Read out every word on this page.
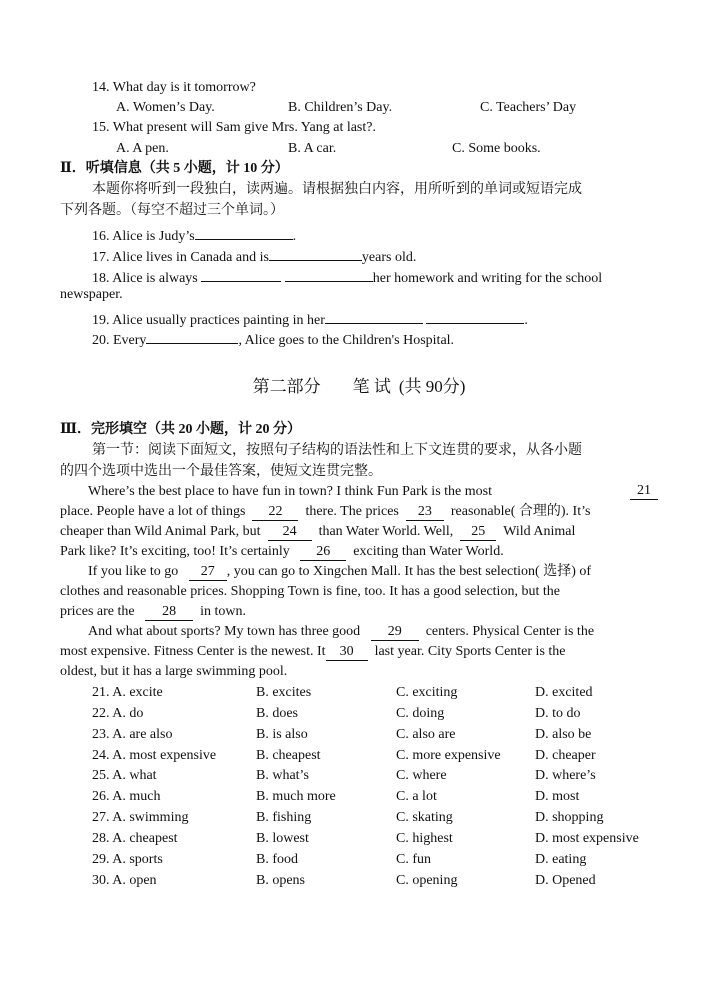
14. What day is it tomorrow?
A. Women’s Day.	B. Children’s Day.	C. Teachers’ Day
15. What present will Sam give Mrs. Yang at last?.
A. A pen.	B. A car.	C. Some books.
Ⅱ．听填信息（共 5 小题，计 10 分）
本题你将听到一段独白，读两遍。请根据独白内容，用所听到的单词或短语完成
下列各题。（每空不超过三个单词。）
16. Alice is Judy’s	.
17. Alice lives in Canada and is	years old.
18. Alice is always	her homework and writing for the school
newspaper.
19. Alice usually practices painting in her	.
20. Every	, Alice goes to the Children's Hospital.
第二部分 笔 试 (共 90分)
Ⅲ．完形填空（共 20 小题，计 20 分）
第一节：阅读下面短文，按照句子结构的语法性和上下文连贯的要求，从各小题
的四个选项中选出一个最佳答案，使短文连贯完整。
Where’s the best place to have fun in town? I think Fun Park is the most	21
place. People have a lot of things 22 there. The prices 23 reasonable( 合理的). It’s
cheaper than Wild Animal Park, but 24 than Water World. Well, 25 Wild Animal
Park like? It’s exciting, too! It’s certainly 26 exciting than Water World.
If you like to go 27 , you can go to Xingchen Mall. It has the best selection( 选择) of
clothes and reasonable prices. Shopping Town is fine, too. It has a good selection, but the
prices are the 28 in town.
And what about sports? My town has three good 29 centers. Physical Center is the
most expensive. Fitness Center is the newest. It 30 last year. City Sports Center is the
oldest, but it has a large swimming pool.
21. A. excite	B. excites	C. exciting	D. excited
22. A. do	B. does	C. doing	D. to do
23. A. are also	B. is also	C. also are	D. also be
24. A. most expensive	B. cheapest	C. more expensive D. cheaper
25. A. what	B. what’s	C. where	D. where’s
26. A. much	B. much more	C. a lot	D. most
27. A. swimming	B. fishing	C. skating	D. shopping
28. A. cheapest	B. lowest	C. highest	D. most expensive
29. A. sports	B. food	C. fun	D. eating
30. A. open	B. opens	C. opening	D. Opened
